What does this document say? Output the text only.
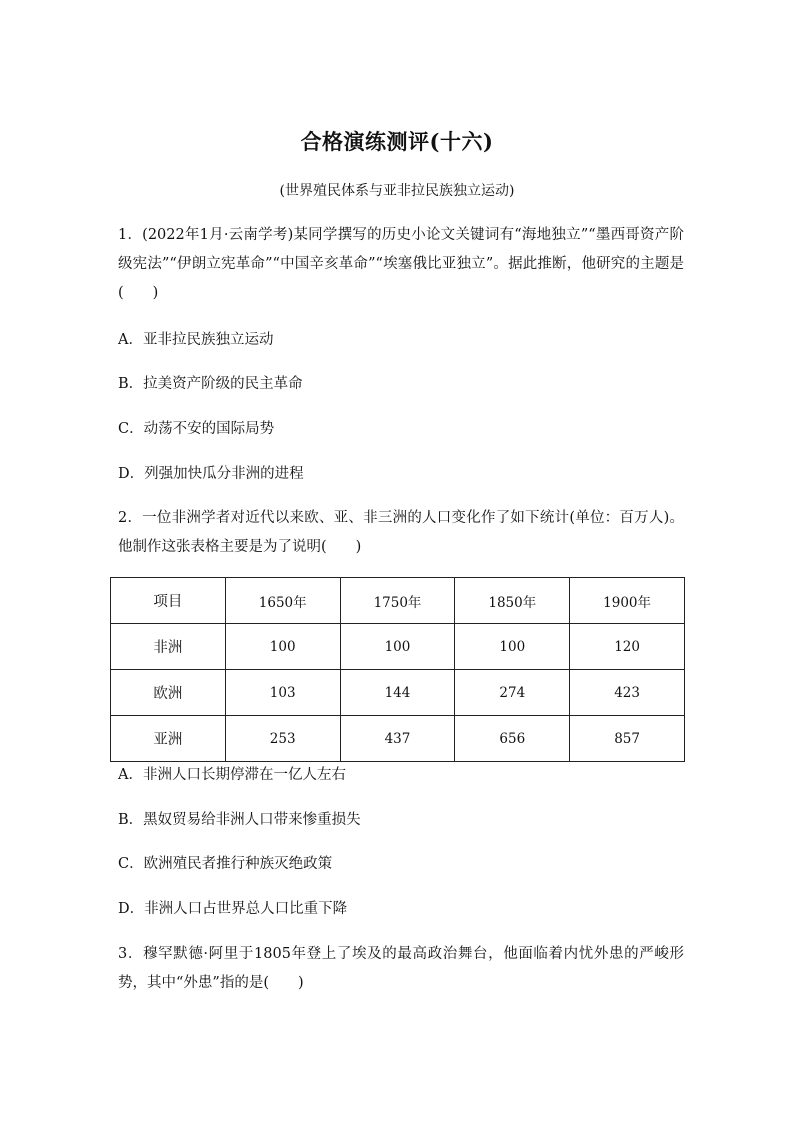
合格演练测评(十六)
(世界殖民体系与亚非拉民族独立运动)
1．(2022年1月·云南学考)某同学撰写的历史小论文关键词有“海地独立”“墨西哥资产阶级宪法”“伊朗立宪革命”“中国辛亥革命”“埃塞俄比亚独立”。据此推断，他研究的主题是(　　)
A．亚非拉民族独立运动
B．拉美资产阶级的民主革命
C．动荡不安的国际局势
D．列强加快瓜分非洲的进程
2．一位非洲学者对近代以来欧、亚、非三洲的人口变化作了如下统计(单位：百万人)。他制作这张表格主要是为了说明(　　)
项目	1650年	1750年	1850年	1900年
非洲	100	100	100	120
欧洲	103	144	274	423
亚洲	253	437	656	857
A．非洲人口长期停滞在一亿人左右
B．黑奴贸易给非洲人口带来惨重损失
C．欧洲殖民者推行种族灭绝政策
D．非洲人口占世界总人口比重下降
3．穆罕默德·阿里于1805年登上了埃及的最高政治舞台，他面临着内忧外患的严峻形势，其中“外患”指的是(　　)
